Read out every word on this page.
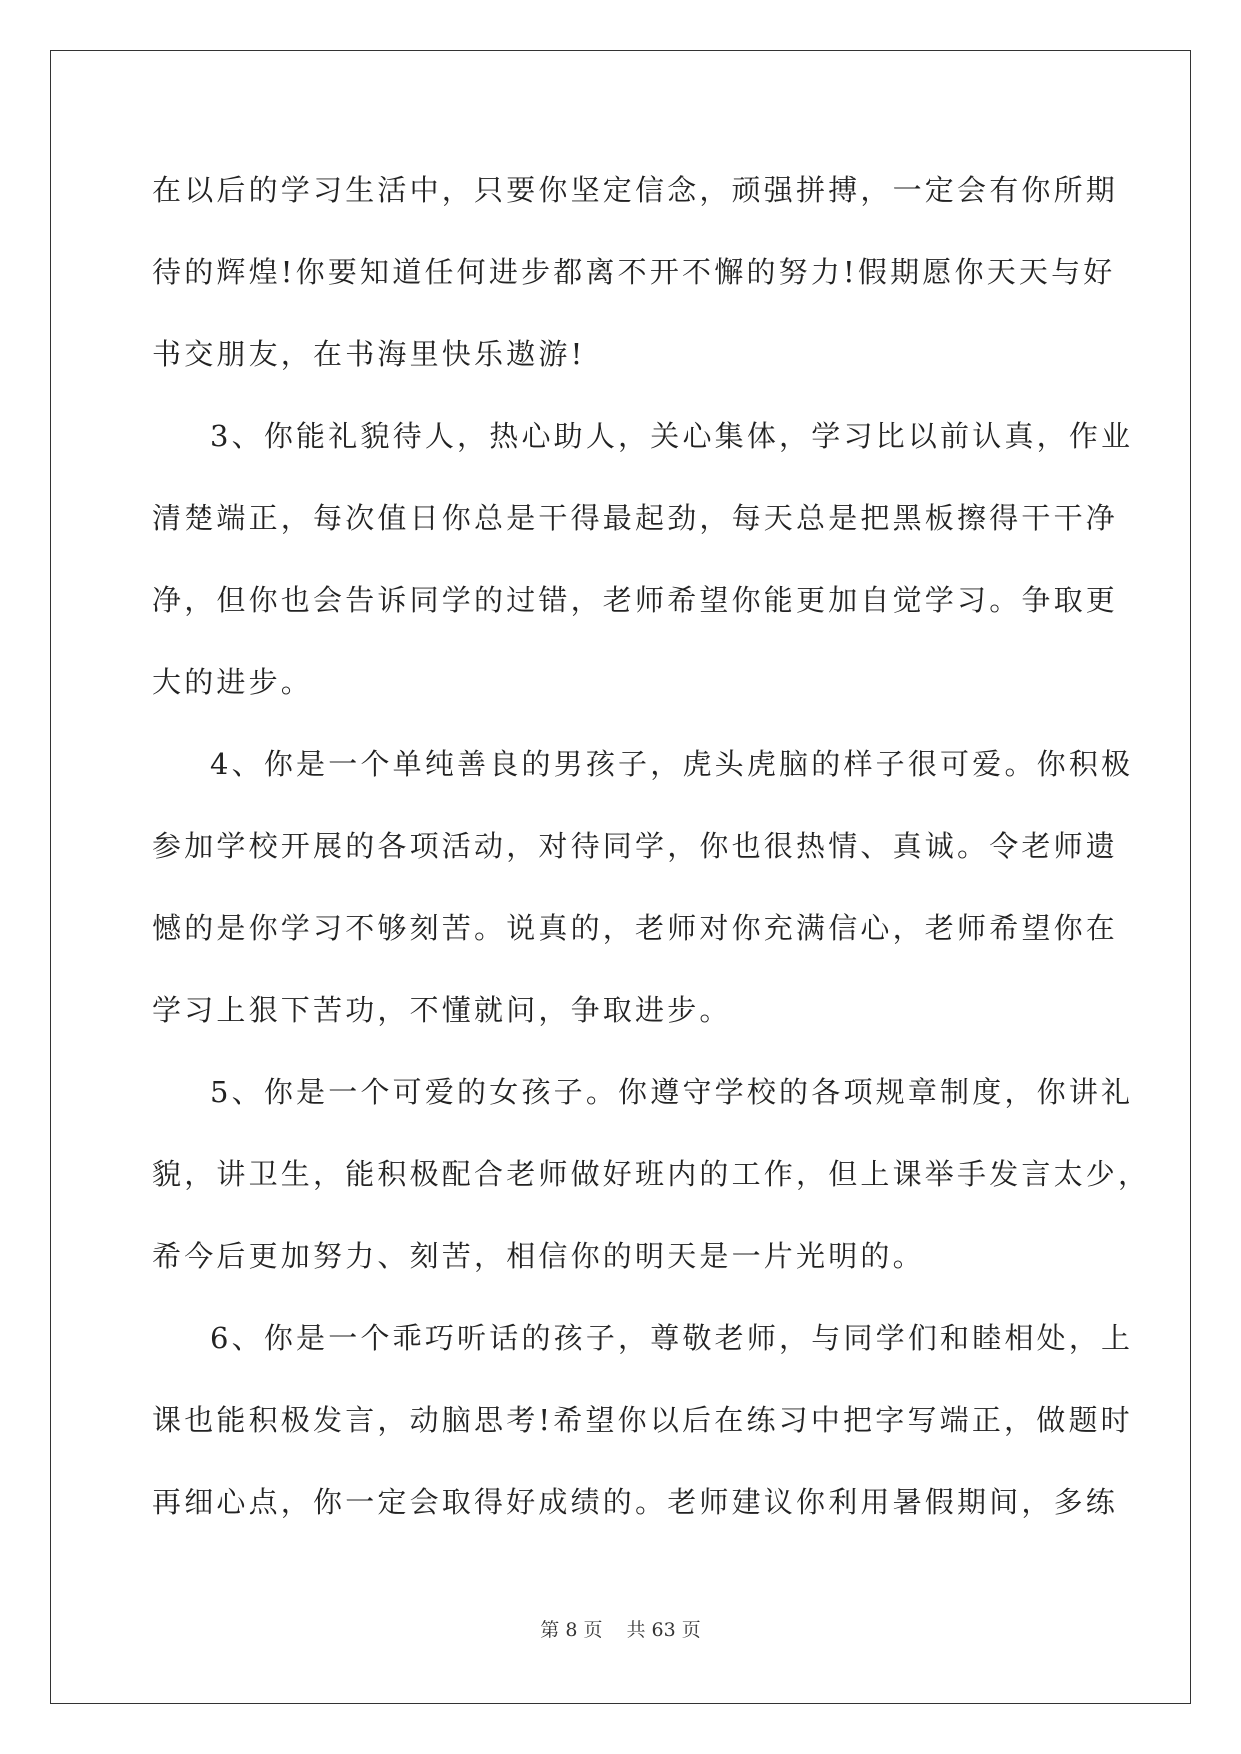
在以后的学习生活中，只要你坚定信念，顽强拼搏，一定会有你所期
待的辉煌!你要知道任何进步都离不开不懈的努力!假期愿你天天与好
书交朋友，在书海里快乐遨游!
3、你能礼貌待人，热心助人，关心集体，学习比以前认真，作业
清楚端正，每次值日你总是干得最起劲，每天总是把黑板擦得干干净
净，但你也会告诉同学的过错，老师希望你能更加自觉学习。争取更
大的进步。
4、你是一个单纯善良的男孩子，虎头虎脑的样子很可爱。你积极
参加学校开展的各项活动，对待同学，你也很热情、真诚。令老师遗
憾的是你学习不够刻苦。说真的，老师对你充满信心，老师希望你在
学习上狠下苦功，不懂就问，争取进步。
5、你是一个可爱的女孩子。你遵守学校的各项规章制度，你讲礼
貌，讲卫生，能积极配合老师做好班内的工作，但上课举手发言太少，
希今后更加努力、刻苦，相信你的明天是一片光明的。
6、你是一个乖巧听话的孩子，尊敬老师，与同学们和睦相处，上
课也能积极发言，动脑思考!希望你以后在练习中把字写端正，做题时
再细心点，你一定会取得好成绩的。老师建议你利用暑假期间，多练
第 8 页 共 63 页
